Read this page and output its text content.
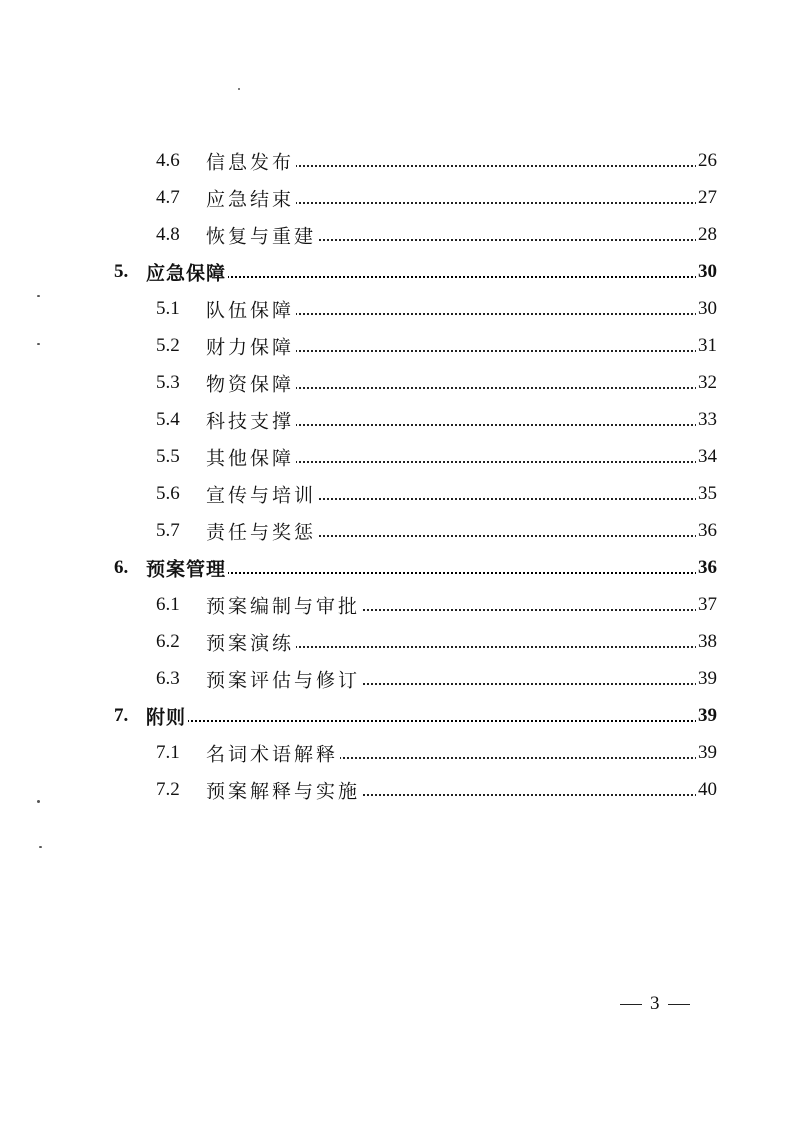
4.6 信息发布	26
4.7 应急结束	27
4.8 恢复与重建	28
5. 应急保障	30
5.1 队伍保障	30
5.2 财力保障	31
5.3 物资保障	32
5.4 科技支撑	33
5.5 其他保障	34
5.6 宣传与培训	35
5.7 责任与奖惩	36
6. 预案管理	36
6.1 预案编制与审批	37
6.2 预案演练	38
6.3 预案评估与修订	39
7. 附则	39
7.1 名词术语解释	39
7.2 预案解释与实施	40
3
